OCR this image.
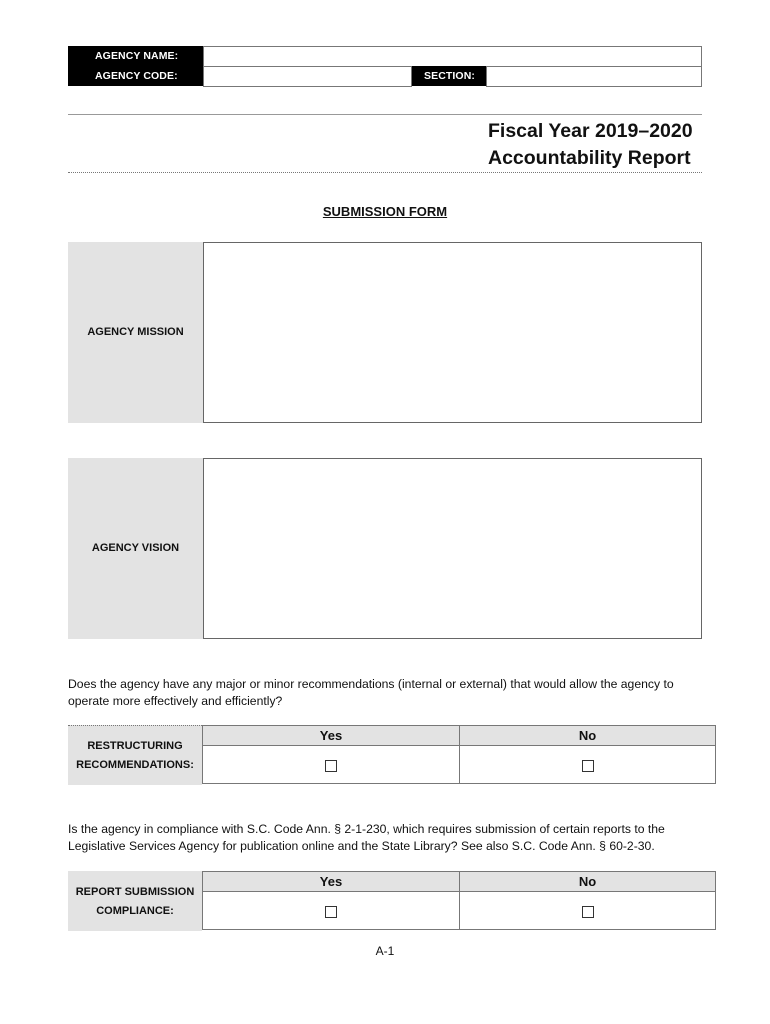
AGENCY NAME:
AGENCY CODE:	SECTION:
Fiscal Year 2019–2020
Accountability Report
SUBMISSION FORM
AGENCY MISSION
AGENCY VISION
Does the agency have any major or minor recommendations (internal or external) that would allow the agency to operate more effectively and efficiently?
RESTRUCTURING
RECOMMENDATIONS:
Yes	No

Is the agency in compliance with S.C. Code Ann. § 2-1-230, which requires submission of certain reports to the Legislative Services Agency for publication online and the State Library? See also S.C. Code Ann. § 60-2-30.
REPORT SUBMISSION
COMPLIANCE:
Yes	No

A-1
